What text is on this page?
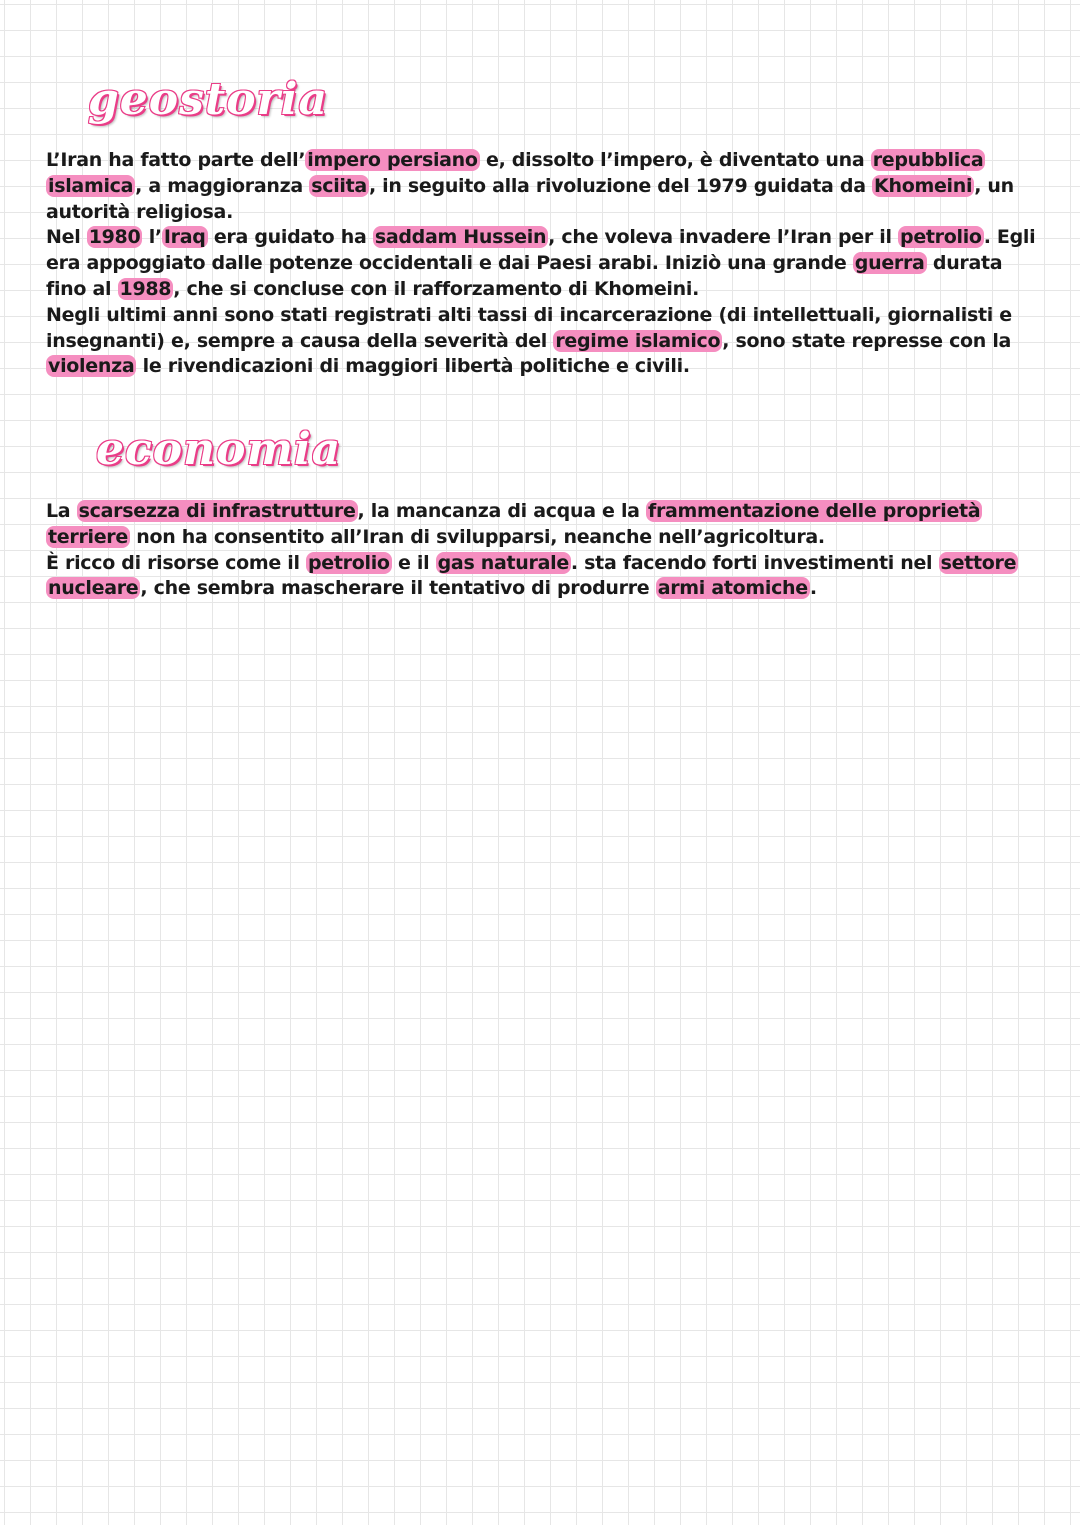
geostoria

L’Iran ha fatto parte dell’ impero persiano e, dissolto l’impero, è diventato una repubblica islamica , a maggioranza sciita , in seguito alla rivoluzione del 1979 guidata da Khomeini , un autorità religiosa.

Nel 1980 l’ Iraq era guidato ha saddam Hussein , che voleva invadere l’Iran per il petrolio . Egli era appoggiato dalle potenze occidentali e dai Paesi arabi. Iniziò una grande guerra durata fino al 1988 , che si concluse con il rafforzamento di Khomeini.

Negli ultimi anni sono stati registrati alti tassi di incarcerazione (di intellettuali, giornalisti e insegnanti) e, sempre a causa della severità del regime islamico , sono state represse con la violenza le rivendicazioni di maggiori libertà politiche e civili.

economia

La scarsezza di infrastrutture , la mancanza di acqua e la frammentazione delle proprietà terriere non ha consentito all’Iran di svilupparsi, neanche nell’agricoltura.

È ricco di risorse come il petrolio e il gas naturale . sta facendo forti investimenti nel settore nucleare , che sembra mascherare il tentativo di produrre armi atomiche .
